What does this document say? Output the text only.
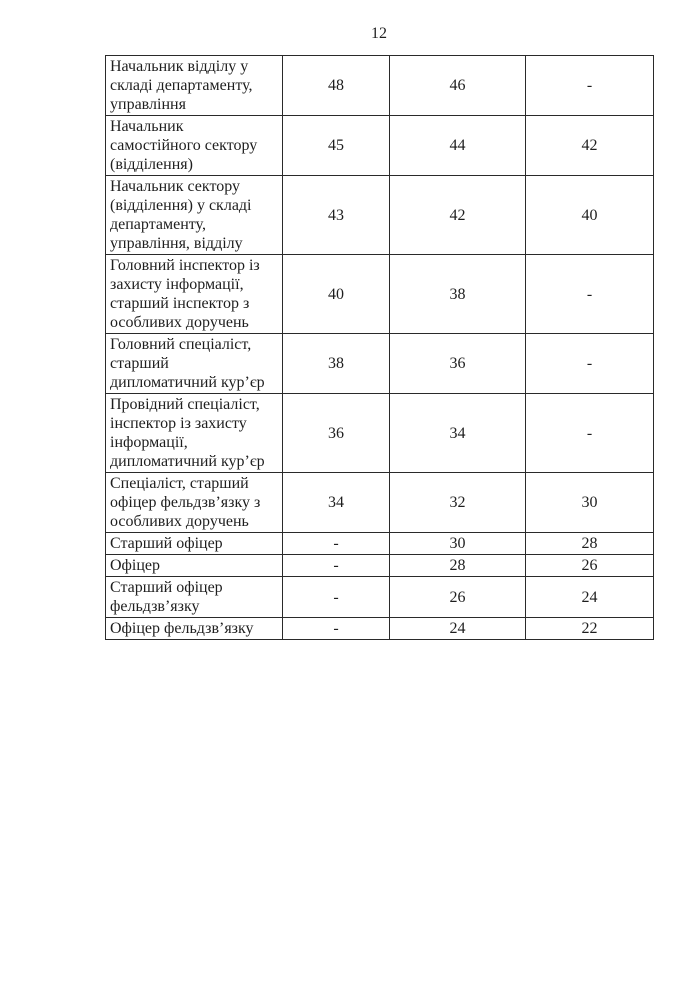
12
Начальник відділу у складі департаменту, управління	48	46	-
Начальник самостійного сектору (відділення)	45	44	42
Начальник сектору (відділення) у складі департаменту, управління, відділу	43	42	40
Головний інспектор із захисту інформації, старший інспектор з особливих доручень	40	38	-
Головний спеціаліст, старший дипломатичний кур’єр	38	36	-
Провідний спеціаліст, інспектор із захисту інформації, дипломатичний кур’єр	36	34	-
Спеціаліст, старший офіцер фельдзв’язку з особливих доручень	34	32	30
Старший офіцер	-	30	28
Офіцер	-	28	26
Старший офіцер фельдзв’язку	-	26	24
Офіцер фельдзв’язку	-	24	22
